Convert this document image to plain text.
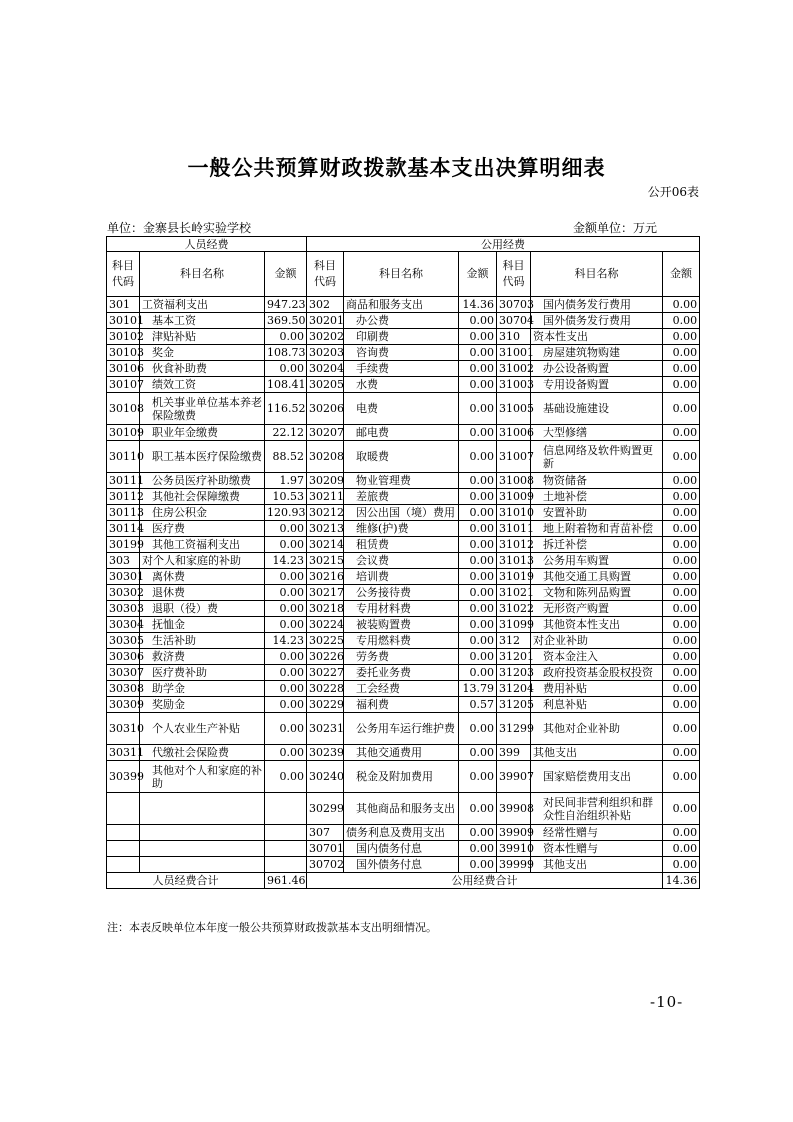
一般公共预算财政拨款基本支出决算明细表
公开06表
单位：金寨县长岭实验学校	金额单位：万元
人员经费			公用经费					
科目代码	科目名称	金额	科目代码	科目名称	金额	科目代码	科目名称	金额
301	工资福利支出	947.23	302	商品和服务支出	14.36	30703	国内债务发行费用	0.00
30101	基本工资	369.50	30201	办公费	0.00	30704	国外债务发行费用	0.00
30102	津贴补贴	0.00	30202	印刷费	0.00	310	资本性支出	0.00
30103	奖金	108.73	30203	咨询费	0.00	31001	房屋建筑物购建	0.00
30106	伙食补助费	0.00	30204	手续费	0.00	31002	办公设备购置	0.00
30107	绩效工资	108.41	30205	水费	0.00	31003	专用设备购置	0.00
30108	机关事业单位基本养老保险缴费	116.52	30206	电费	0.00	31005	基础设施建设	0.00
30109	职业年金缴费	22.12	30207	邮电费	0.00	31006	大型修缮	0.00
30110	职工基本医疗保险缴费	88.52	30208	取暖费	0.00	31007	信息网络及软件购置更新	0.00
30111	公务员医疗补助缴费	1.97	30209	物业管理费	0.00	31008	物资储备	0.00
30112	其他社会保障缴费	10.53	30211	差旅费	0.00	31009	土地补偿	0.00
30113	住房公积金	120.93	30212	因公出国（境）费用	0.00	31010	安置补助	0.00
30114	医疗费	0.00	30213	维修(护)费	0.00	31011	地上附着物和青苗补偿	0.00
30199	其他工资福利支出	0.00	30214	租赁费	0.00	31012	拆迁补偿	0.00
303	对个人和家庭的补助	14.23	30215	会议费	0.00	31013	公务用车购置	0.00
30301	离休费	0.00	30216	培训费	0.00	31019	其他交通工具购置	0.00
30302	退休费	0.00	30217	公务接待费	0.00	31021	文物和陈列品购置	0.00
30303	退职（役）费	0.00	30218	专用材料费	0.00	31022	无形资产购置	0.00
30304	抚恤金	0.00	30224	被装购置费	0.00	31099	其他资本性支出	0.00
30305	生活补助	14.23	30225	专用燃料费	0.00	312	对企业补助	0.00
30306	救济费	0.00	30226	劳务费	0.00	31201	资本金注入	0.00
30307	医疗费补助	0.00	30227	委托业务费	0.00	31203	政府投资基金股权投资	0.00
30308	助学金	0.00	30228	工会经费	13.79	31204	费用补贴	0.00
30309	奖励金	0.00	30229	福利费	0.57	31205	利息补贴	0.00
30310	个人农业生产补贴	0.00	30231	公务用车运行维护费	0.00	31299	其他对企业补助	0.00
30311	代缴社会保险费	0.00	30239	其他交通费用	0.00	399	其他支出	0.00
30399	其他对个人和家庭的补助	0.00	30240	税金及附加费用	0.00	39907	国家赔偿费用支出	0.00
			30299	其他商品和服务支出	0.00	39908	对民间非营利组织和群众性自治组织补贴	0.00
			307	债务利息及费用支出	0.00	39909	经常性赠与	0.00
			30701	国内债务付息	0.00	39910	资本性赠与	0.00
			30702	国外债务付息	0.00	39999	其他支出	0.00
人员经费合计		961.46	公用经费合计					14.36
注：本表反映单位本年度一般公共预算财政拨款基本支出明细情况。
-10-
